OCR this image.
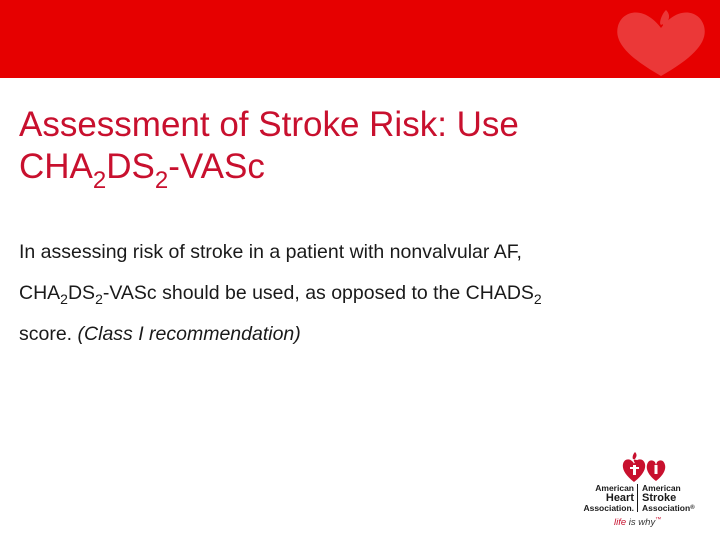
Assessment of Stroke Risk: Use
$CHA_2DS_2$-VASc

In assessing risk of stroke in a patient with nonvalvular AF,
$CHA_2DS_2$-VASc should be used, as opposed to the $CHADS_2$
score. (Class I recommendation)

American
Heart
Association.
American
Stroke
Association®
life is why™
